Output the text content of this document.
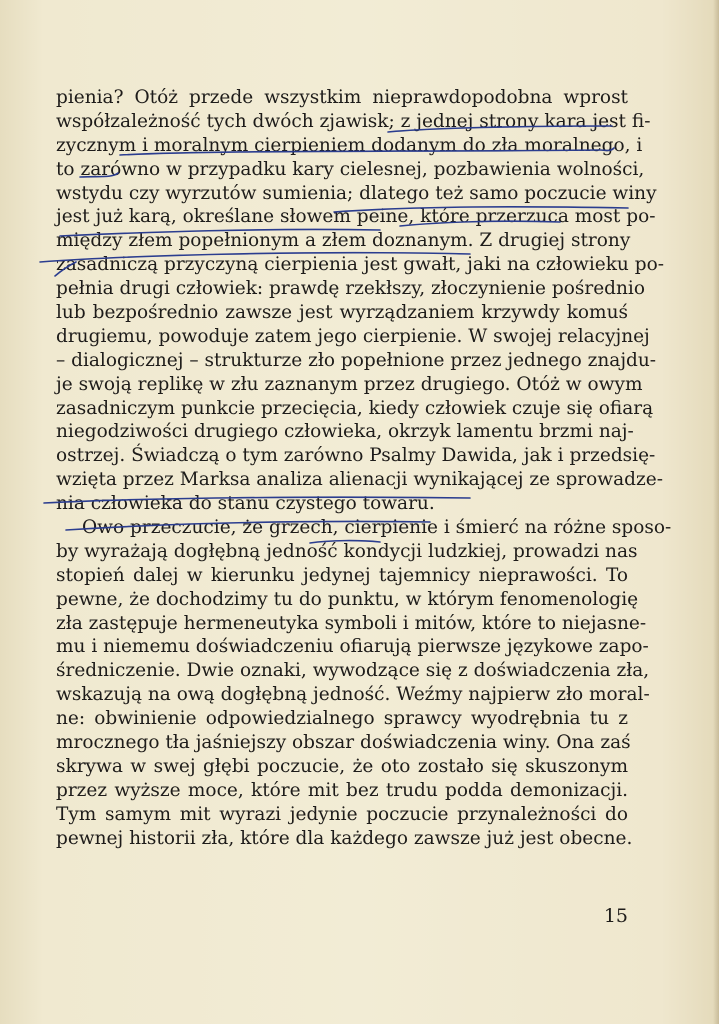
pienia? Otóż przede wszystkim nieprawdopodobna wprost
współzależność tych dwóch zjawisk; z jednej strony kara jest fi-
zycznym i moralnym cierpieniem dodanym do zła moralnego, i
to zarówno w przypadku kary cielesnej, pozbawienia wolności,
wstydu czy wyrzutów sumienia; dlatego też samo poczucie winy
jest już karą, określane słowem peine, które przerzuca most po-
między złem popełnionym a złem doznanym. Z drugiej strony
zasadniczą przyczyną cierpienia jest gwałt, jaki na człowieku po-
pełnia drugi człowiek: prawdę rzekłszy, złoczynienie pośrednio
lub bezpośrednio zawsze jest wyrządzaniem krzywdy komuś
drugiemu, powoduje zatem jego cierpienie. W swojej relacyjnej
– dialogicznej – strukturze zło popełnione przez jednego znajdu-
je swoją replikę w złu zaznanym przez drugiego. Otóż w owym
zasadniczym punkcie przecięcia, kiedy człowiek czuje się ofiarą
niegodziwości drugiego człowieka, okrzyk lamentu brzmi naj-
ostrzej. Świadczą o tym zarówno Psalmy Dawida, jak i przedsię-
wzięta przez Marksa analiza alienacji wynikającej ze sprowadze-
nia człowieka do stanu czystego towaru.
Owo przeczucie, że grzech, cierpienie i śmierć na różne sposo-
by wyrażają dogłębną jedność kondycji ludzkiej, prowadzi nas
stopień dalej w kierunku jedynej tajemnicy nieprawości. To
pewne, że dochodzimy tu do punktu, w którym fenomenologię
zła zastępuje hermeneutyka symboli i mitów, które to niejasne-
mu i niememu doświadczeniu ofiarują pierwsze językowe zapo-
średniczenie. Dwie oznaki, wywodzące się z doświadczenia zła,
wskazują na ową dogłębną jedność. Weźmy najpierw zło moral-
ne: obwinienie odpowiedzialnego sprawcy wyodrębnia tu z
mrocznego tła jaśniejszy obszar doświadczenia winy. Ona zaś
skrywa w swej głębi poczucie, że oto zostało się skuszonym
przez wyższe moce, które mit bez trudu podda demonizacji.
Tym samym mit wyrazi jedynie poczucie przynależności do
pewnej historii zła, które dla każdego zawsze już jest obecne.
15
